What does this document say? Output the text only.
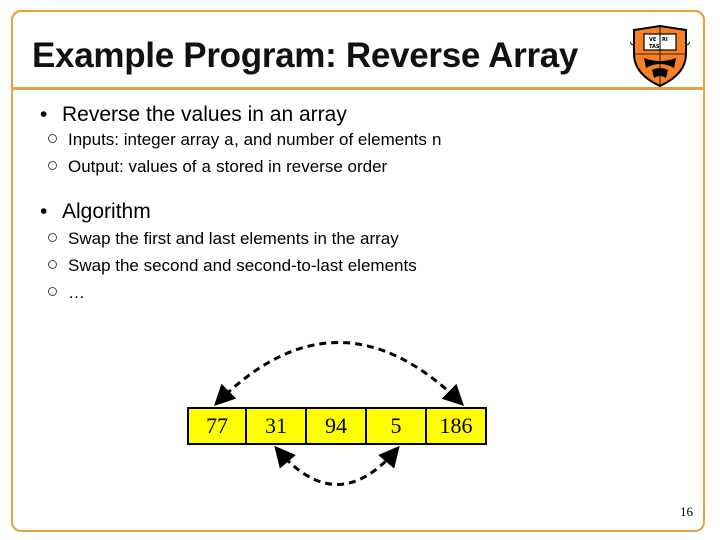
Example Program: Reverse Array	VE RI
TAS
• Reverse the values in an array
Inputs: integer array a, and number of elements n
Output: values of a stored in reverse order
• Algorithm
Swap the first and last elements in the array
Swap the second and second-to-last elements
…
77	31	94	5	186
16
